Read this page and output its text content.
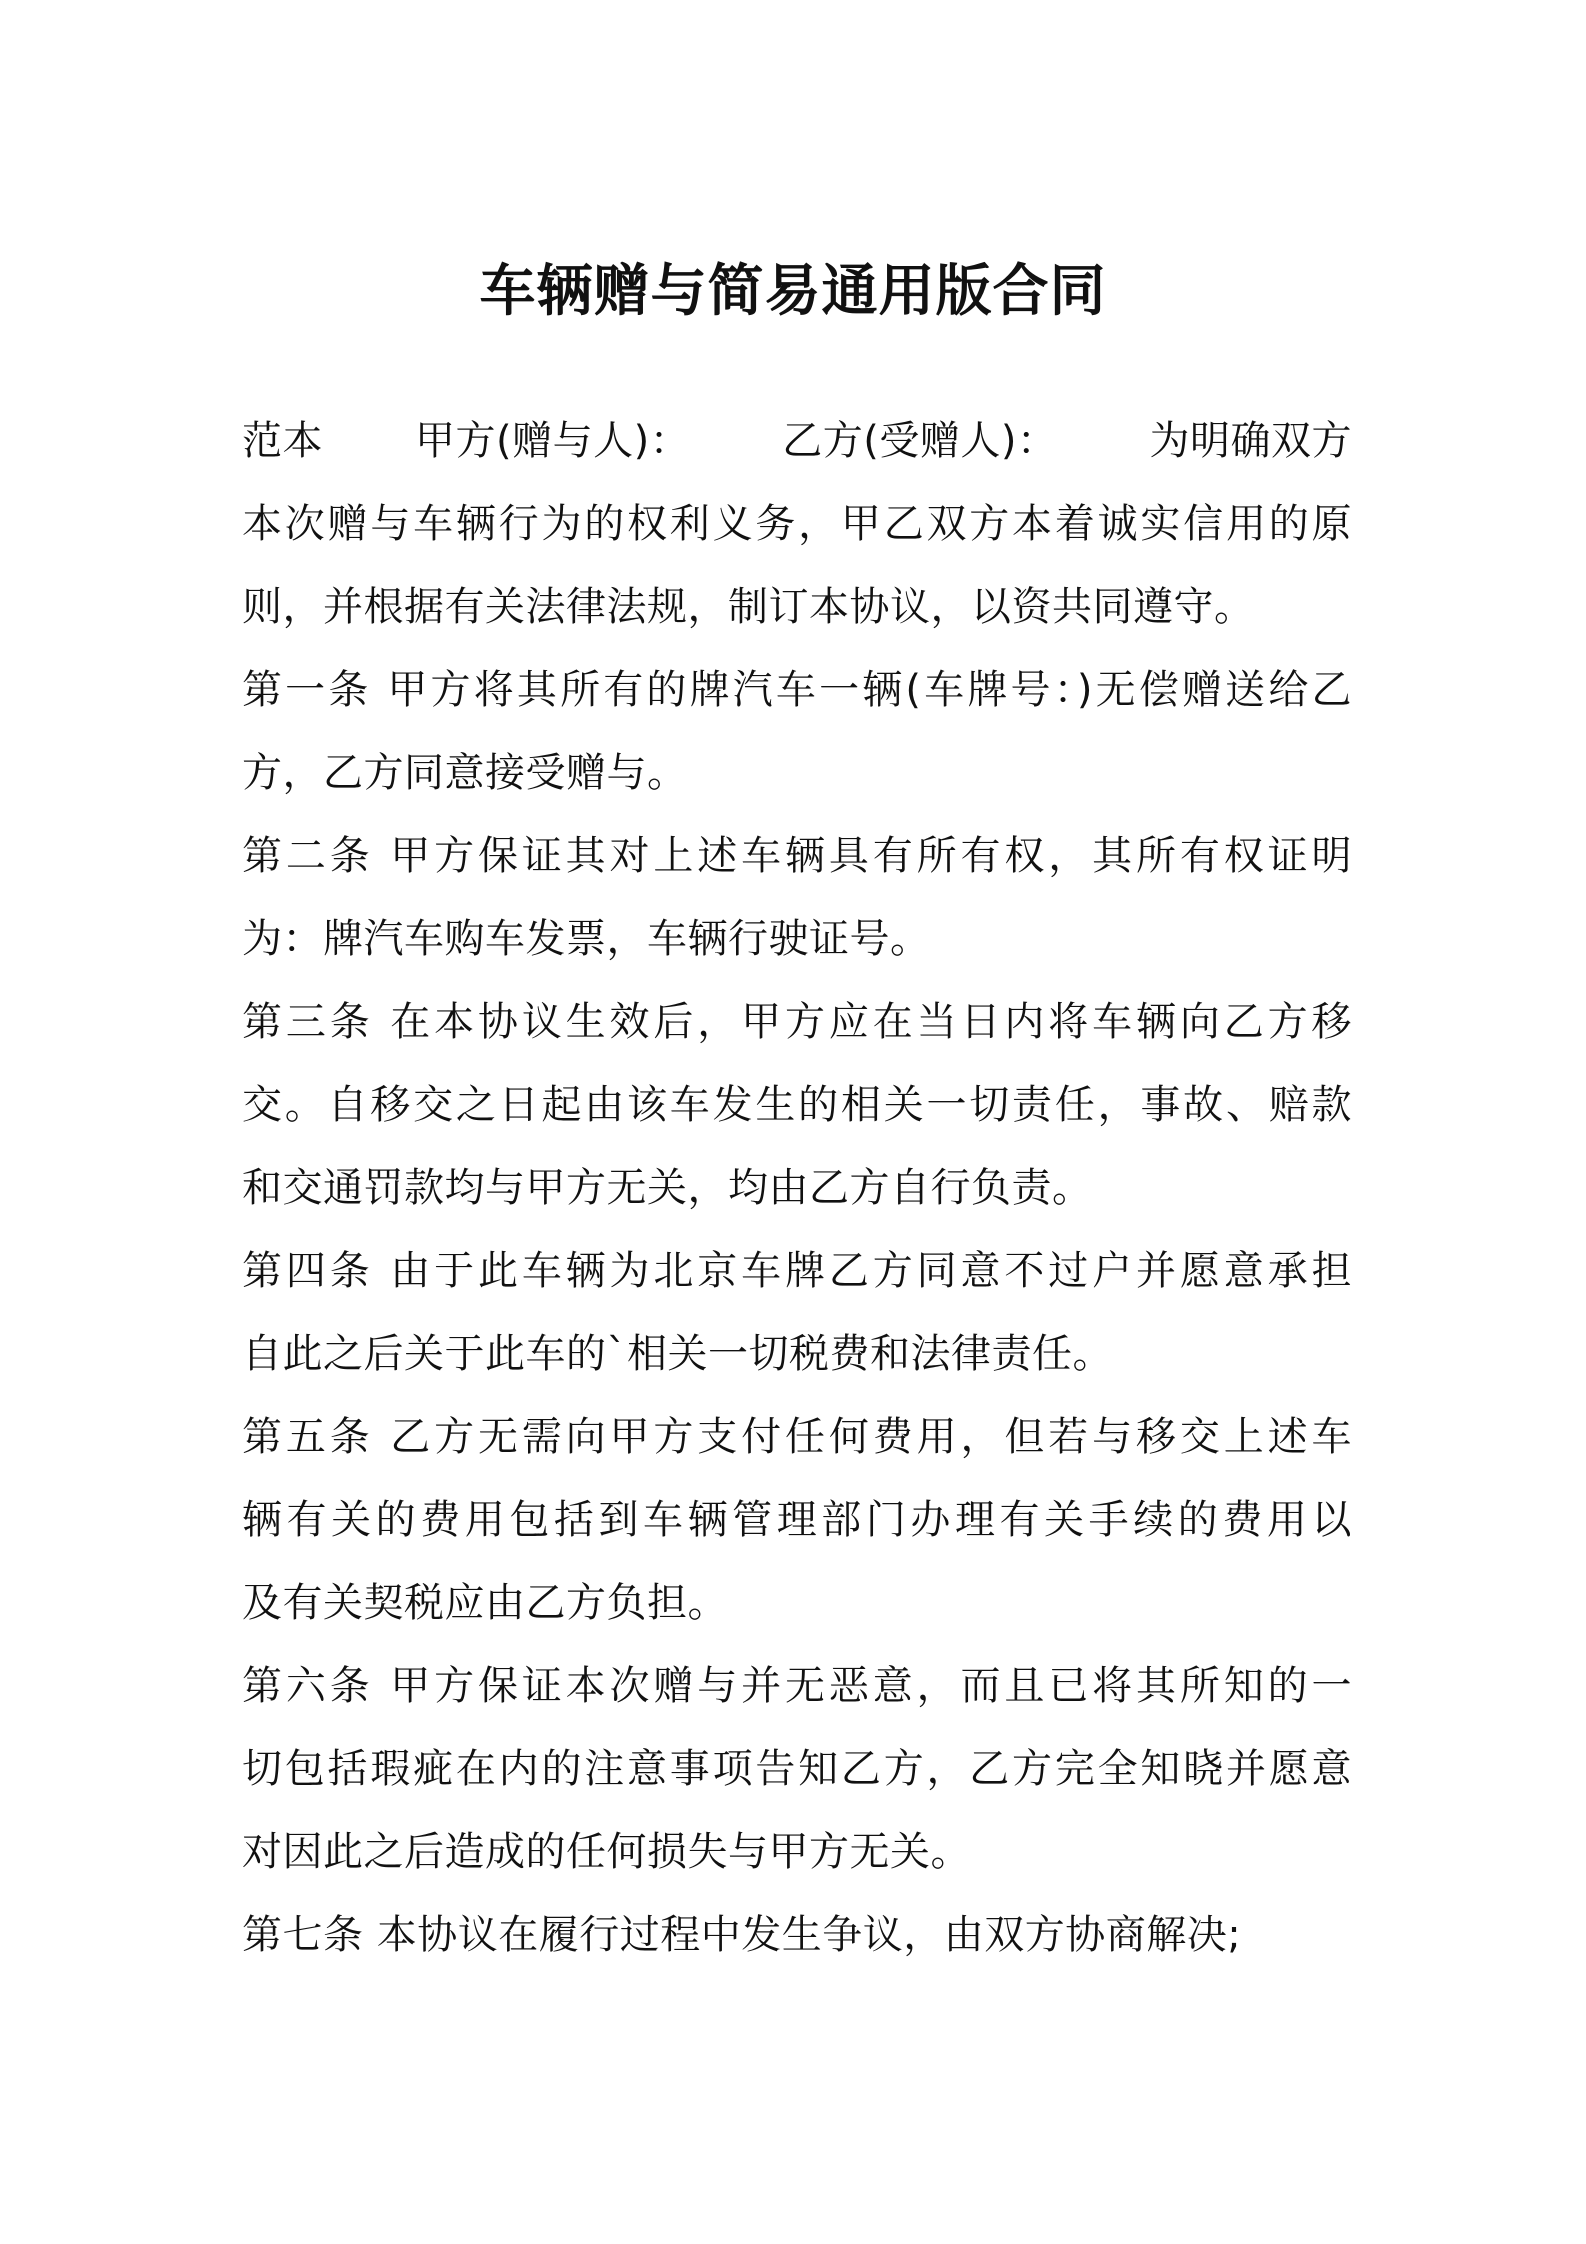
车辆赠与简易通用版合同
范本 甲方(赠与人)： 乙方(受赠人)： 为明确双方
本次赠与车辆行为的权利义务，甲乙双方本着诚实信用的原
则，并根据有关法律法规，制订本协议，以资共同遵守。
第一条 甲方将其所有的牌汽车一辆(车牌号：)无偿赠送给乙
方，乙方同意接受赠与。
第二条 甲方保证其对上述车辆具有所有权，其所有权证明
为：牌汽车购车发票，车辆行驶证号。
第三条 在本协议生效后，甲方应在当日内将车辆向乙方移
交。自移交之日起由该车发生的相关一切责任，事故、赔款
和交通罚款均与甲方无关，均由乙方自行负责。
第四条 由于此车辆为北京车牌乙方同意不过户并愿意承担
自此之后关于此车的`相关一切税费和法律责任。
第五条 乙方无需向甲方支付任何费用，但若与移交上述车
辆有关的费用包括到车辆管理部门办理有关手续的费用以
及有关契税应由乙方负担。
第六条 甲方保证本次赠与并无恶意，而且已将其所知的一
切包括瑕疵在内的注意事项告知乙方，乙方完全知晓并愿意
对因此之后造成的任何损失与甲方无关。
第七条 本协议在履行过程中发生争议，由双方协商解决;
